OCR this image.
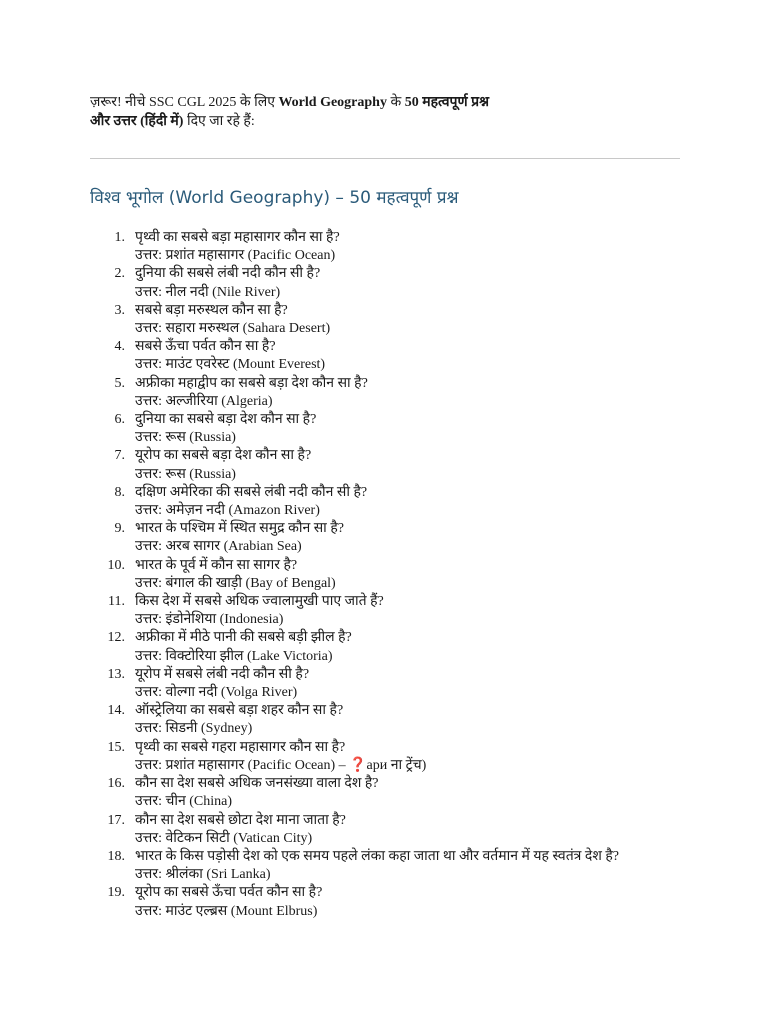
ज़रूर! नीचे SSC CGL 2025 के लिए World Geography के 50 महत्वपूर्ण प्रश्न
और उत्तर (हिंदी में) दिए जा रहे हैं:

विश्व भूगोल (World Geography) – 50 महत्वपूर्ण प्रश्न
1. पृथ्वी का सबसे बड़ा महासागर कौन सा है?
उत्तर: प्रशांत महासागर (Pacific Ocean)
2. दुनिया की सबसे लंबी नदी कौन सी है?
उत्तर: नील नदी (Nile River)
3. सबसे बड़ा मरुस्थल कौन सा है?
उत्तर: सहारा मरुस्थल (Sahara Desert)
4. सबसे ऊँचा पर्वत कौन सा है?
उत्तर: माउंट एवरेस्ट (Mount Everest)
5. अफ्रीका महाद्वीप का सबसे बड़ा देश कौन सा है?
उत्तर: अल्जीरिया (Algeria)
6. दुनिया का सबसे बड़ा देश कौन सा है?
उत्तर: रूस (Russia)
7. यूरोप का सबसे बड़ा देश कौन सा है?
उत्तर: रूस (Russia)
8. दक्षिण अमेरिका की सबसे लंबी नदी कौन सी है?
उत्तर: अमेज़न नदी (Amazon River)
9. भारत के पश्चिम में स्थित समुद्र कौन सा है?
उत्तर: अरब सागर (Arabian Sea)
10. भारत के पूर्व में कौन सा सागर है?
उत्तर: बंगाल की खाड़ी (Bay of Bengal)
11. किस देश में सबसे अधिक ज्वालामुखी पाए जाते हैं?
उत्तर: इंडोनेशिया (Indonesia)
12. अफ्रीका में मीठे पानी की सबसे बड़ी झील है?
उत्तर: विक्टोरिया झील (Lake Victoria)
13. यूरोप में सबसे लंबी नदी कौन सी है?
उत्तर: वोल्गा नदी (Volga River)
14. ऑस्ट्रेलिया का सबसे बड़ा शहर कौन सा है?
उत्तर: सिडनी (Sydney)
15. पृथ्वी का सबसे गहरा महासागर कौन सा है?
उत्तर: प्रशांत महासागर (Pacific Ocean) – ❓ари ना ट्रेंच)
16. कौन सा देश सबसे अधिक जनसंख्या वाला देश है?
उत्तर: चीन (China)
17. कौन सा देश सबसे छोटा देश माना जाता है?
उत्तर: वेटिकन सिटी (Vatican City)
18. भारत के किस पड़ोसी देश को एक समय पहले लंका कहा जाता था और वर्तमान में यह स्वतंत्र देश है?
उत्तर: श्रीलंका (Sri Lanka)
19. यूरोप का सबसे ऊँचा पर्वत कौन सा है?
उत्तर: माउंट एल्ब्रस (Mount Elbrus)
